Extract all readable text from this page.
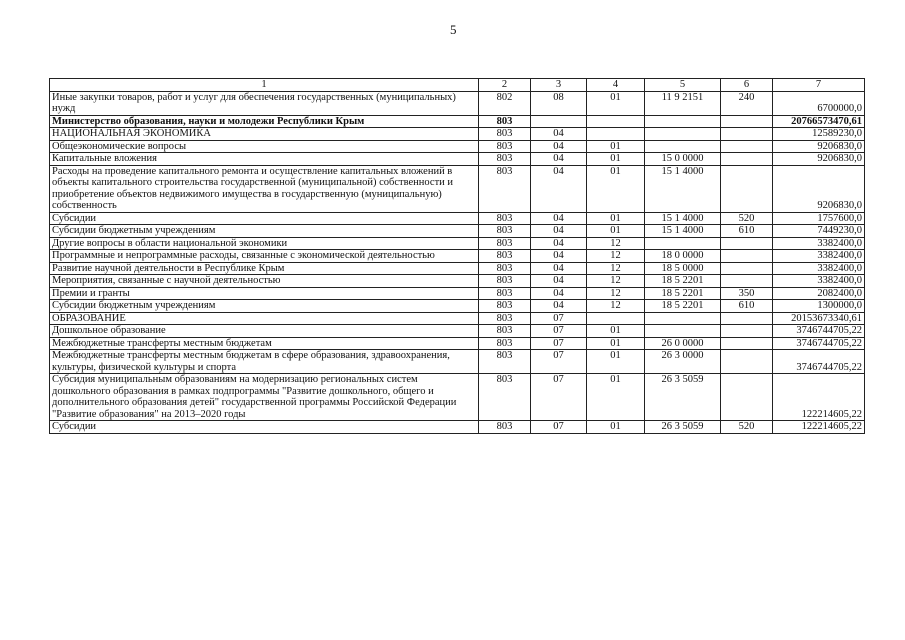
5
1	2	3	4	5	6	7
Иные закупки товаров, работ и услуг для обеспечения государственных (муниципальных) нужд	802	08	01	11 9 2151	240	6700000,0
Министерство образования, науки и молодежи Республики Крым	803					20766573470,61
НАЦИОНАЛЬНАЯ ЭКОНОМИКА	803	04				12589230,0
Общеэкономические вопросы	803	04	01			9206830,0
Капитальные вложения	803	04	01	15 0 0000		9206830,0
Расходы на проведение капитального ремонта и осуществление капитальных вложений в объекты капитального строительства государственной (муниципальной) собственности и приобретение объектов недвижимого имущества в государственную (муниципальную) собственность	803	04	01	15 1 4000		9206830,0
Субсидии	803	04	01	15 1 4000	520	1757600,0
Субсидии бюджетным учреждениям	803	04	01	15 1 4000	610	7449230,0
Другие вопросы в области национальной экономики	803	04	12			3382400,0
Программные и непрограммные расходы, связанные с экономической деятельностью	803	04	12	18 0 0000		3382400,0
Развитие научной деятельности в Республике Крым	803	04	12	18 5 0000		3382400,0
Мероприятия, связанные с научной деятельностью	803	04	12	18 5 2201		3382400,0
Премии и гранты	803	04	12	18 5 2201	350	2082400,0
Субсидии бюджетным учреждениям	803	04	12	18 5 2201	610	1300000,0
ОБРАЗОВАНИЕ	803	07				20153673340,61
Дошкольное образование	803	07	01			3746744705,22
Межбюджетные трансферты местным бюджетам	803	07	01	26 0 0000		3746744705,22
Межбюджетные трансферты местным бюджетам в сфере образования, здравоохранения, культуры, физической культуры и спорта	803	07	01	26 3 0000		3746744705,22
Субсидия муниципальным образованиям на модернизацию региональных систем дошкольного образования в рамках подпрограммы "Развитие дошкольного, общего и дополнительного образования детей" государственной программы Российской Федерации "Развитие образования" на 2013–2020 годы	803	07	01	26 3 5059		122214605,22
Субсидии	803	07	01	26 3 5059	520	122214605,22
